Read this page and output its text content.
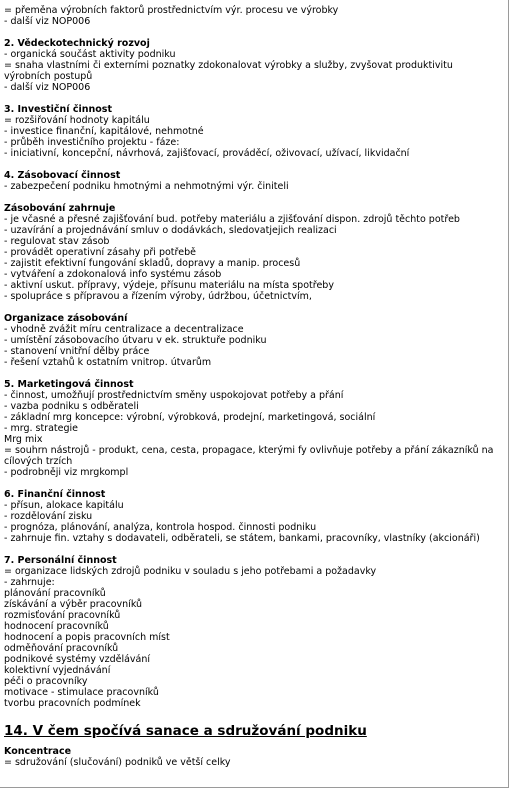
= přeměna výrobních faktorů prostřednictvím výr. procesu ve výrobky
- další viz NOP006

2. Vědeckotechnický rozvoj
- organická součást aktivity podniku
= snaha vlastními či externími poznatky zdokonalovat výrobky a služby, zvyšovat produktivitu výrobních postupů
- další viz NOP006

3. Investiční činnost
= rozšiřování hodnoty kapitálu
- investice finanční, kapitálové, nehmotné
- průběh investičního projektu - fáze:
- iniciativní, koncepční, návrhová, zajišťovací, prováděcí, oživovací, užívací, likvidační

4. Zásobovací činnost
- zabezpečení podniku hmotnými a nehmotnými výr. činiteli

Zásobování zahrnuje
- je včasné a přesné zajišťování bud. potřeby materiálu a zjišťování dispon. zdrojů těchto potřeb
- uzavírání a projednávání smluv o dodávkách, sledovatjejich realizaci
- regulovat stav zásob
- provádět operativní zásahy při potřebě
- zajistit efektivní fungování skladů, dopravy a manip. procesů
- vytváření a zdokonalová info systému zásob
- aktivní uskut. přípravy, výdeje, přísunu materiálu na místa spotřeby
- spolupráce s přípravou a řízením výroby, údržbou, účetnictvím,

Organizace zásobování
- vhodně zvážit míru centralizace a decentralizace
- umístění zásobovacího útvaru v ek. struktuře podniku
- stanovení vnitřní dělby práce
- řešení vztahů k ostatním vnitrop. útvarům

5. Marketingová činnost
- činnost, umožňují prostřednictvím směny uspokojovat potřeby a přání
- vazba podniku s odběrateli
- základní mrg koncepce: výrobní, výrobková, prodejní, marketingová, sociální
- mrg. strategie
Mrg mix
= souhrn nástrojů - produkt, cena, cesta, propagace, kterými fy ovlivňuje potřeby a přání zákazníků na cílových trzích
- podrobněji viz mrgkompl

6. Finanční činnost
- přísun, alokace kapitálu
- rozdělování zisku
- prognóza, plánování, analýza, kontrola hospod. činnosti podniku
- zahrnuje fin. vztahy s dodavateli, odběrateli, se státem, bankami, pracovníky, vlastníky (akcionáři)

7. Personální činnost
= organizace lidských zdrojů podniku v souladu s jeho potřebami a požadavky
- zahrnuje:
plánování pracovníků
získávání a výběr pracovníků
rozmisťování pracovníků
hodnocení pracovníků
hodnocení a popis pracovních míst
odměňování pracovníků
podnikové systémy vzdělávání
kolektivní vyjednávání
péči o pracovníky
motivace - stimulace pracovníků
tvorbu pracovních podmínek
14. V čem spočívá sanace a sdružování podniku
Koncentrace
= sdružování (slučování) podniků ve větší celky
